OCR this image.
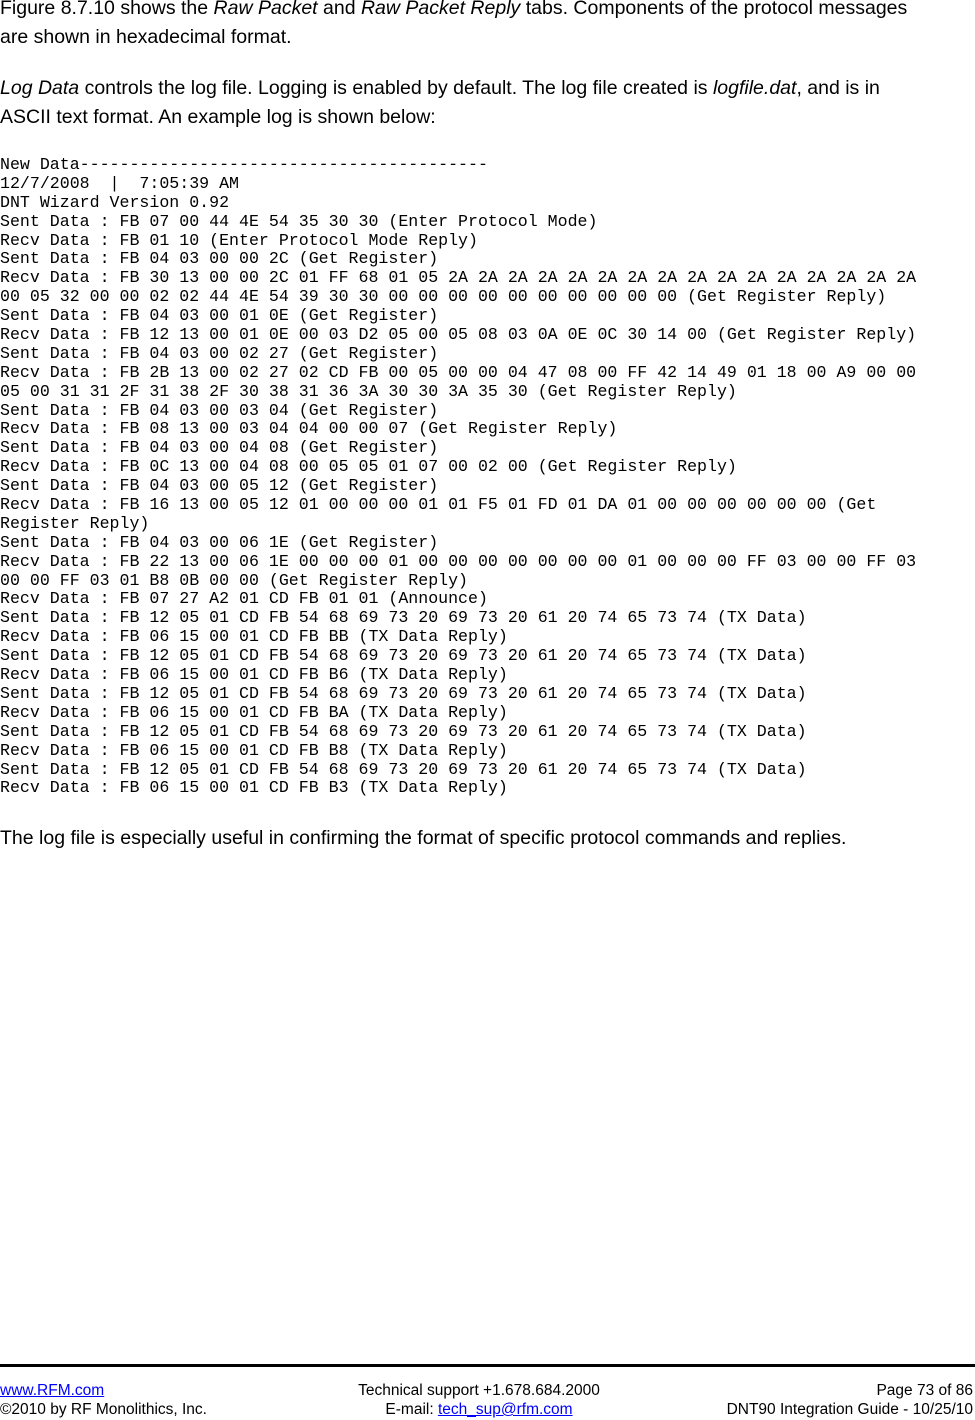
Figure 8.7.10 shows the Raw Packet and Raw Packet Reply tabs. Components of the protocol messages
are shown in hexadecimal format.

Log Data controls the log file. Logging is enabled by default. The log file created is logfile.dat, and is in
ASCII text format. An example log is shown below:

New Data-----------------------------------------
12/7/2008  |  7:05:39 AM
DNT Wizard Version 0.92
Sent Data : FB 07 00 44 4E 54 35 30 30 (Enter Protocol Mode)
Recv Data : FB 01 10 (Enter Protocol Mode Reply)
Sent Data : FB 04 03 00 00 2C (Get Register)
Recv Data : FB 30 13 00 00 2C 01 FF 68 01 05 2A 2A 2A 2A 2A 2A 2A 2A 2A 2A 2A 2A 2A 2A 2A 2A
00 05 32 00 00 02 02 44 4E 54 39 30 30 00 00 00 00 00 00 00 00 00 00 (Get Register Reply)
Sent Data : FB 04 03 00 01 0E (Get Register)
Recv Data : FB 12 13 00 01 0E 00 03 D2 05 00 05 08 03 0A 0E 0C 30 14 00 (Get Register Reply)
Sent Data : FB 04 03 00 02 27 (Get Register)
Recv Data : FB 2B 13 00 02 27 02 CD FB 00 05 00 00 04 47 08 00 FF 42 14 49 01 18 00 A9 00 00
05 00 31 31 2F 31 38 2F 30 38 31 36 3A 30 30 3A 35 30 (Get Register Reply)
Sent Data : FB 04 03 00 03 04 (Get Register)
Recv Data : FB 08 13 00 03 04 04 00 00 07 (Get Register Reply)
Sent Data : FB 04 03 00 04 08 (Get Register)
Recv Data : FB 0C 13 00 04 08 00 05 05 01 07 00 02 00 (Get Register Reply)
Sent Data : FB 04 03 00 05 12 (Get Register)
Recv Data : FB 16 13 00 05 12 01 00 00 00 01 01 F5 01 FD 01 DA 01 00 00 00 00 00 00 (Get
Register Reply)
Sent Data : FB 04 03 00 06 1E (Get Register)
Recv Data : FB 22 13 00 06 1E 00 00 00 01 00 00 00 00 00 00 00 01 00 00 00 FF 03 00 00 FF 03
00 00 FF 03 01 B8 0B 00 00 (Get Register Reply)
Recv Data : FB 07 27 A2 01 CD FB 01 01 (Announce)
Sent Data : FB 12 05 01 CD FB 54 68 69 73 20 69 73 20 61 20 74 65 73 74 (TX Data)
Recv Data : FB 06 15 00 01 CD FB BB (TX Data Reply)
Sent Data : FB 12 05 01 CD FB 54 68 69 73 20 69 73 20 61 20 74 65 73 74 (TX Data)
Recv Data : FB 06 15 00 01 CD FB B6 (TX Data Reply)
Sent Data : FB 12 05 01 CD FB 54 68 69 73 20 69 73 20 61 20 74 65 73 74 (TX Data)
Recv Data : FB 06 15 00 01 CD FB BA (TX Data Reply)
Sent Data : FB 12 05 01 CD FB 54 68 69 73 20 69 73 20 61 20 74 65 73 74 (TX Data)
Recv Data : FB 06 15 00 01 CD FB B8 (TX Data Reply)
Sent Data : FB 12 05 01 CD FB 54 68 69 73 20 69 73 20 61 20 74 65 73 74 (TX Data)
Recv Data : FB 06 15 00 01 CD FB B3 (TX Data Reply)

The log file is especially useful in confirming the format of specific protocol commands and replies.

www.RFM.com
©2010 by RF Monolithics, Inc.
Technical support +1.678.684.2000
E-mail: tech_sup@rfm.com
Page 73 of 86
DNT90 Integration Guide - 10/25/10
